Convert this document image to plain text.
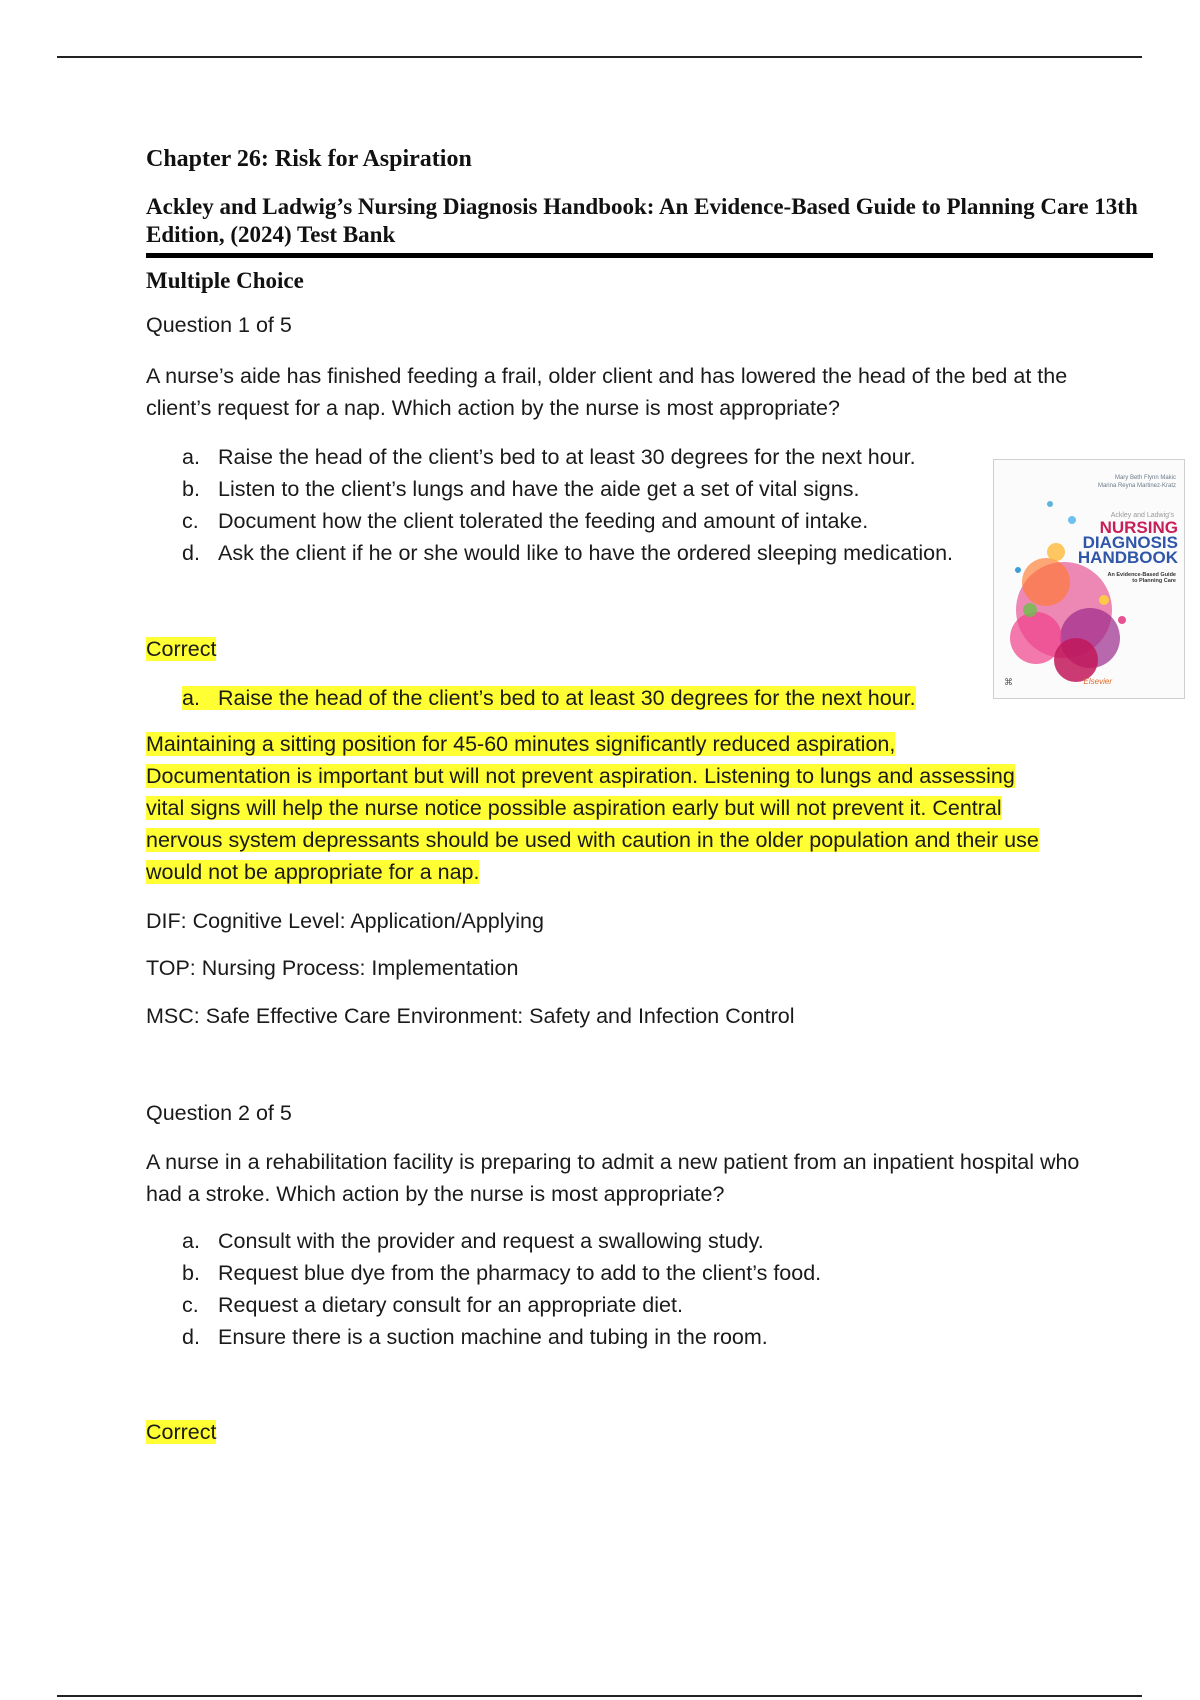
Chapter 26: Risk for Aspiration
Ackley and Ladwig’s Nursing Diagnosis Handbook: An Evidence-Based Guide to Planning Care 13th Edition, (2024) Test Bank
Multiple Choice
Question 1 of 5
A nurse’s aide has finished feeding a frail, older client and has lowered the head of the bed at the client’s request for a nap. Which action by the nurse is most appropriate?
a. Raise the head of the client’s bed to at least 30 degrees for the next hour.
b. Listen to the client’s lungs and have the aide get a set of vital signs.
c. Document how the client tolerated the feeding and amount of intake.
d. Ask the client if he or she would like to have the ordered sleeping medication.
Mary Beth Flynn Makic
Marina Reyna Martinez-Kratz
Ackley and Ladwig’s
NURSING
DIAGNOSIS
HANDBOOK
An Evidence-Based Guide to Planning Care
⌘	Elsevier
Correct
a. Raise the head of the client’s bed to at least 30 degrees for the next hour.
Maintaining a sitting position for 45-60 minutes significantly reduced aspiration,
Documentation is important but will not prevent aspiration. Listening to lungs and assessing
vital signs will help the nurse notice possible aspiration early but will not prevent it. Central
nervous system depressants should be used with caution in the older population and their use
would not be appropriate for a nap.
DIF: Cognitive Level: Application/Applying
TOP: Nursing Process: Implementation
MSC: Safe Effective Care Environment: Safety and Infection Control
Question 2 of 5
A nurse in a rehabilitation facility is preparing to admit a new patient from an inpatient hospital who had a stroke. Which action by the nurse is most appropriate?
a. Consult with the provider and request a swallowing study.
b. Request blue dye from the pharmacy to add to the client’s food.
c. Request a dietary consult for an appropriate diet.
d. Ensure there is a suction machine and tubing in the room.
Correct
